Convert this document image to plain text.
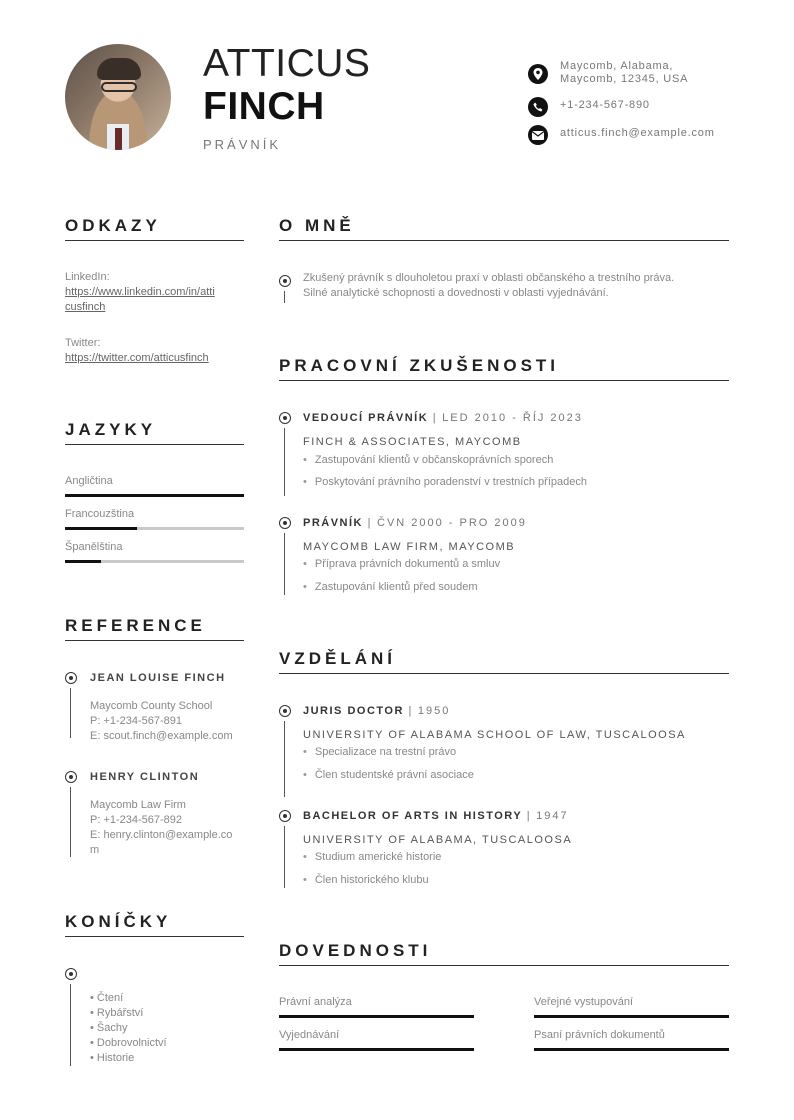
ATTICUS
FINCH
PRÁVNÍK
Maycomb, Alabama,
Maycomb, 12345, USA
+1-234-567-890
atticus.finch@example.com
ODKAZY
LinkedIn:
https://www.linkedin.com/in/atti
cusfinch
Twitter:
https://twitter.com/atticusfinch
JAZYKY
Angličtina
Francouzština
Španělština
REFERENCE
JEAN LOUISE FINCH
Maycomb County School
P: +1-234-567-891
E: scout.finch@example.com
HENRY CLINTON
Maycomb Law Firm
P: +1-234-567-892
E: henry.clinton@example.co
m
KONÍČKY
• Čtení
• Rybářství
• Šachy
• Dobrovolnictví
• Historie
O MNĚ
Zkušený právník s dlouholetou praxí v oblasti občanského a trestního práva.
Silné analytické schopnosti a dovednosti v oblasti vyjednávání.
PRACOVNÍ ZKUŠENOSTI
VEDOUCÍ PRÁVNÍK | LED 2010 - ŘÍJ 2023
FINCH & ASSOCIATES, MAYCOMB
• Zastupování klientů v občanskoprávních sporech
• Poskytování právního poradenství v trestních případech
PRÁVNÍK | ČVN 2000 - PRO 2009
MAYCOMB LAW FIRM, MAYCOMB
• Příprava právních dokumentů a smluv
• Zastupování klientů před soudem
VZDĚLÁNÍ
JURIS DOCTOR | 1950
UNIVERSITY OF ALABAMA SCHOOL OF LAW, TUSCALOOSA
• Specializace na trestní právo
• Člen studentské právní asociace
BACHELOR OF ARTS IN HISTORY | 1947
UNIVERSITY OF ALABAMA, TUSCALOOSA
• Studium americké historie
• Člen historického klubu
DOVEDNOSTI
Právní analýza	Veřejné vystupování
Vyjednávání	Psaní právních dokumentů
